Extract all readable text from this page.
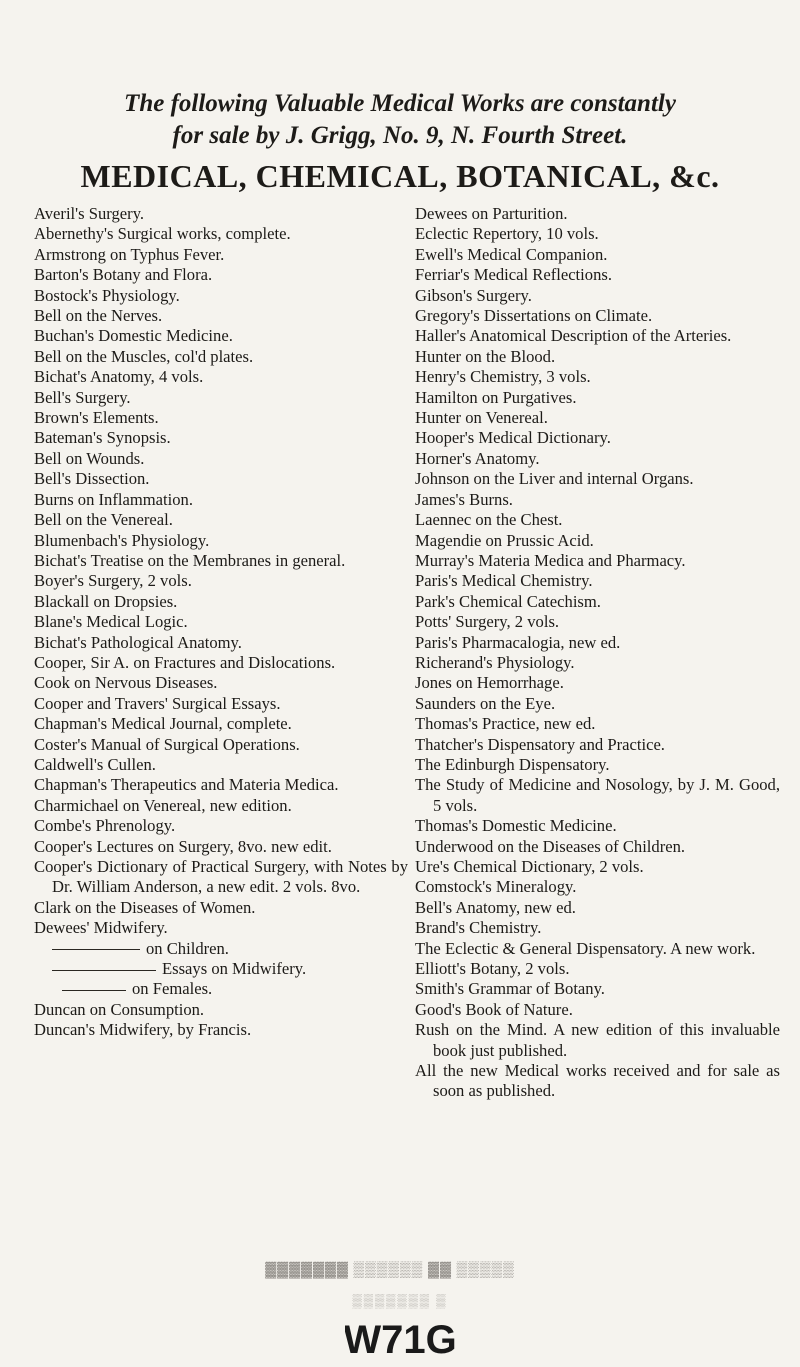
The following Valuable Medical Works are constantly
for sale by J. Grigg, No. 9, N. Fourth Street.
MEDICAL, CHEMICAL, BOTANICAL, &c.

Averil's Surgery.

Abernethy's Surgical works, complete.

Armstrong on Typhus Fever.

Barton's Botany and Flora.

Bostock's Physiology.

Bell on the Nerves.

Buchan's Domestic Medicine.

Bell on the Muscles, col'd plates.

Bichat's Anatomy, 4 vols.

Bell's Surgery.

Brown's Elements.

Bateman's Synopsis.

Bell on Wounds.

Bell's Dissection.

Burns on Inflammation.

Bell on the Venereal.

Blumenbach's Physiology.

Bichat's Treatise on the Membranes in general.

Boyer's Surgery, 2 vols.

Blackall on Dropsies.

Blane's Medical Logic.

Bichat's Pathological Anatomy.

Cooper, Sir A. on Fractures and Dislocations.

Cook on Nervous Diseases.

Cooper and Travers' Surgical Essays.

Chapman's Medical Journal, complete.

Coster's Manual of Surgical Operations.

Caldwell's Cullen.

Chapman's Therapeutics and Materia Medica.

Charmichael on Venereal, new edition.

Combe's Phrenology.

Cooper's Lectures on Surgery, 8vo. new edit.

Cooper's Dictionary of Practical Surgery, with Notes by Dr. William Anderson, a new edit. 2 vols. 8vo.

Clark on the Diseases of Women.

Dewees' Midwifery.

on Children.

Essays on Midwifery.

on Females.

Duncan on Consumption.

Duncan's Midwifery, by Francis.

Dewees on Parturition.

Eclectic Repertory, 10 vols.

Ewell's Medical Companion.

Ferriar's Medical Reflections.

Gibson's Surgery.

Gregory's Dissertations on Climate.

Haller's Anatomical Description of the Arteries.

Hunter on the Blood.

Henry's Chemistry, 3 vols.

Hamilton on Purgatives.

Hunter on Venereal.

Hooper's Medical Dictionary.

Horner's Anatomy.

Johnson on the Liver and internal Organs.

James's Burns.

Laennec on the Chest.

Magendie on Prussic Acid.

Murray's Materia Medica and Pharmacy.

Paris's Medical Chemistry.

Park's Chemical Catechism.

Potts' Surgery, 2 vols.

Paris's Pharmacalogia, new ed.

Richerand's Physiology.

Jones on Hemorrhage.

Saunders on the Eye.

Thomas's Practice, new ed.

Thatcher's Dispensatory and Practice.

The Edinburgh Dispensatory.

The Study of Medicine and Nosology, by J. M. Good, 5 vols.

Thomas's Domestic Medicine.

Underwood on the Diseases of Children.

Ure's Chemical Dictionary, 2 vols.

Comstock's Mineralogy.

Bell's Anatomy, new ed.

Brand's Chemistry.

The Eclectic & General Dispensatory. A new work.

Elliott's Botany, 2 vols.

Smith's Grammar of Botany.

Good's Book of Nature.

Rush on the Mind. A new edition of this invaluable book just published.

All the new Medical works received and for sale as soon as published.

▓▓▓▓▓▓▓ ▒▒▒▒▒▒ ▓▓ ▒▒▒▒▒
▒▒▒▒▒▒▒ ▒
W71G
